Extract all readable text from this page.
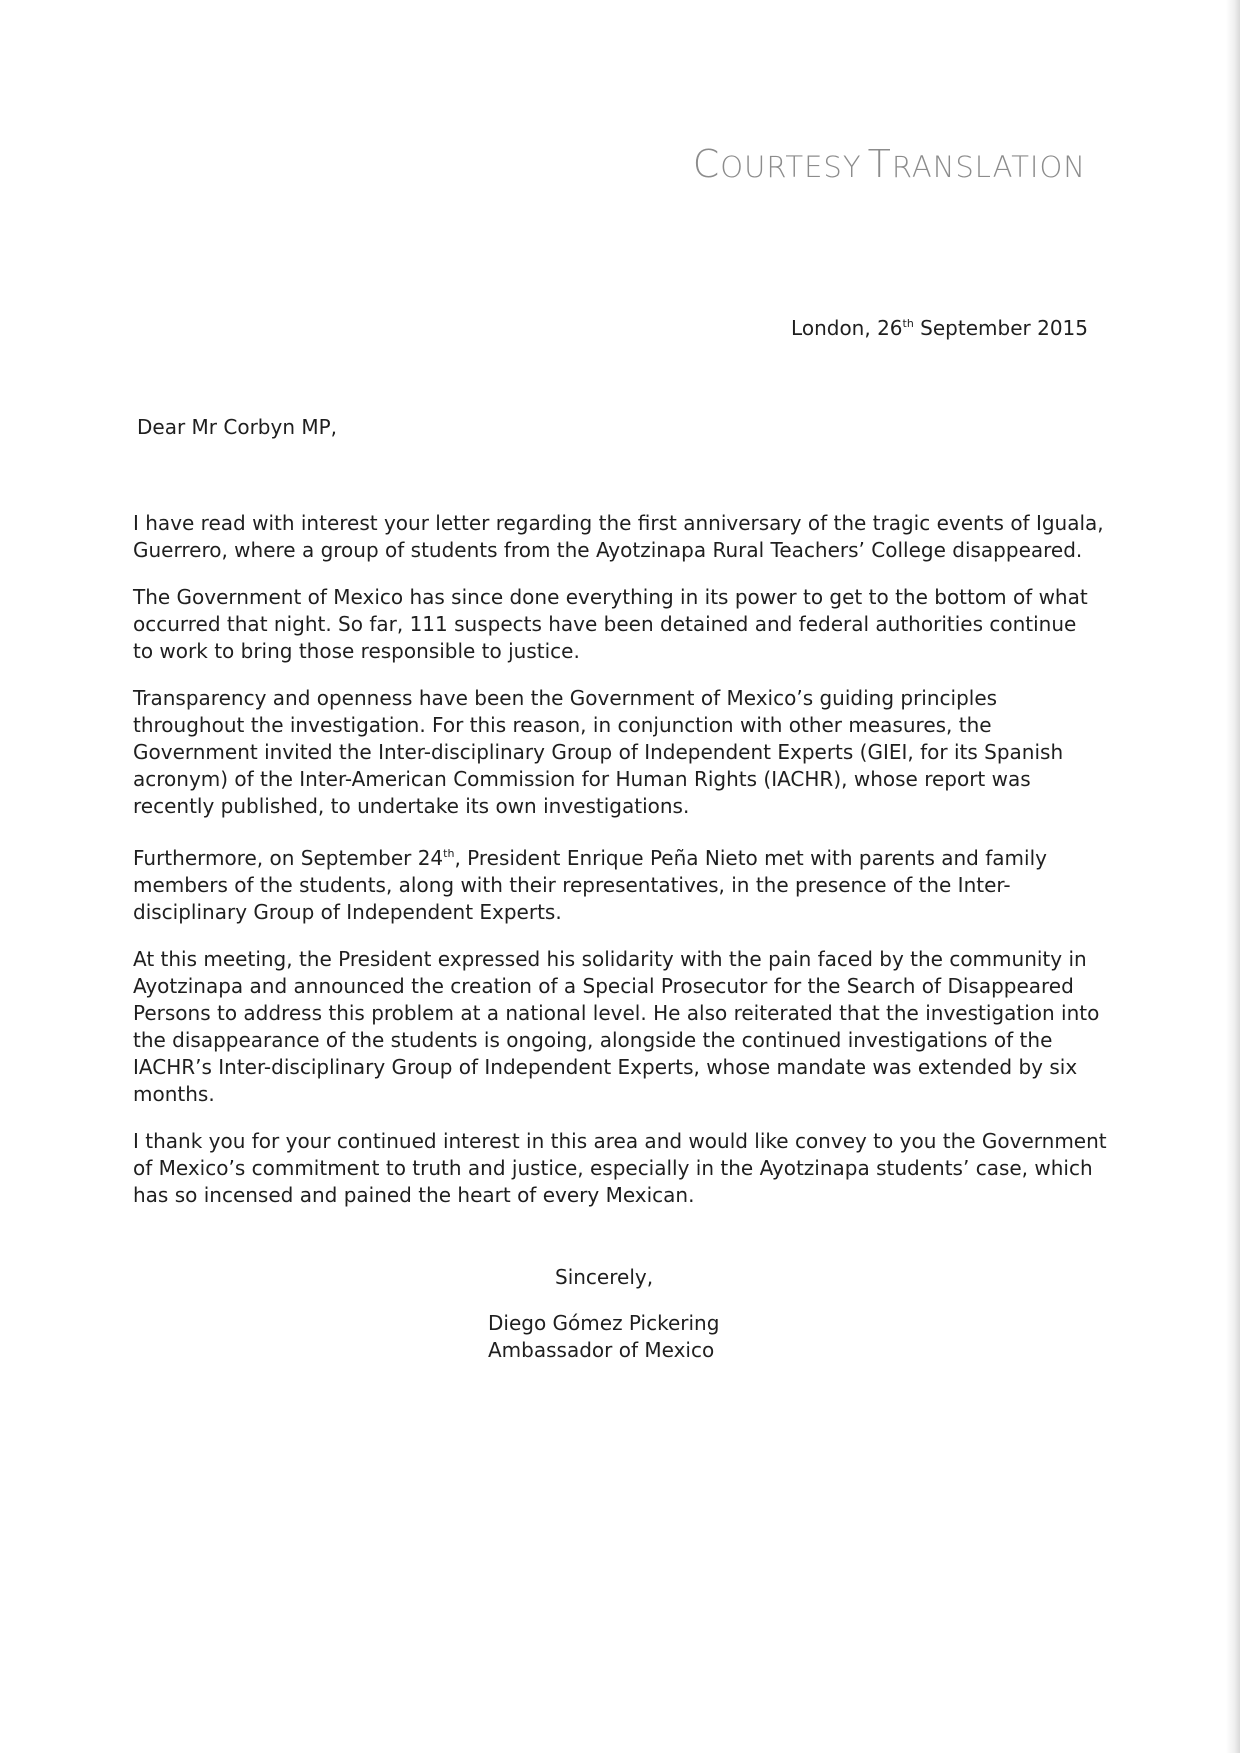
COURTESY TRANSLATION
London, 26th September 2015
Dear Mr Corbyn MP,
I have read with interest your letter regarding the first anniversary of the tragic events of Iguala,
Guerrero, where a group of students from the Ayotzinapa Rural Teachers’ College disappeared.
The Government of Mexico has since done everything in its power to get to the bottom of what
occurred that night. So far, 111 suspects have been detained and federal authorities continue
to work to bring those responsible to justice.
Transparency and openness have been the Government of Mexico’s guiding principles
throughout the investigation. For this reason, in conjunction with other measures, the
Government invited the Inter-disciplinary Group of Independent Experts (GIEI, for its Spanish
acronym) of the Inter-American Commission for Human Rights (IACHR), whose report was
recently published, to undertake its own investigations.
Furthermore, on September 24th, President Enrique Peña Nieto met with parents and family
members of the students, along with their representatives, in the presence of the Inter-
disciplinary Group of Independent Experts.
At this meeting, the President expressed his solidarity with the pain faced by the community in
Ayotzinapa and announced the creation of a Special Prosecutor for the Search of Disappeared
Persons to address this problem at a national level. He also reiterated that the investigation into
the disappearance of the students is ongoing, alongside the continued investigations of the
IACHR’s Inter-disciplinary Group of Independent Experts, whose mandate was extended by six
months.
I thank you for your continued interest in this area and would like convey to you the Government
of Mexico’s commitment to truth and justice, especially in the Ayotzinapa students’ case, which
has so incensed and pained the heart of every Mexican.
Sincerely,
Diego Gómez Pickering
Ambassador of Mexico
